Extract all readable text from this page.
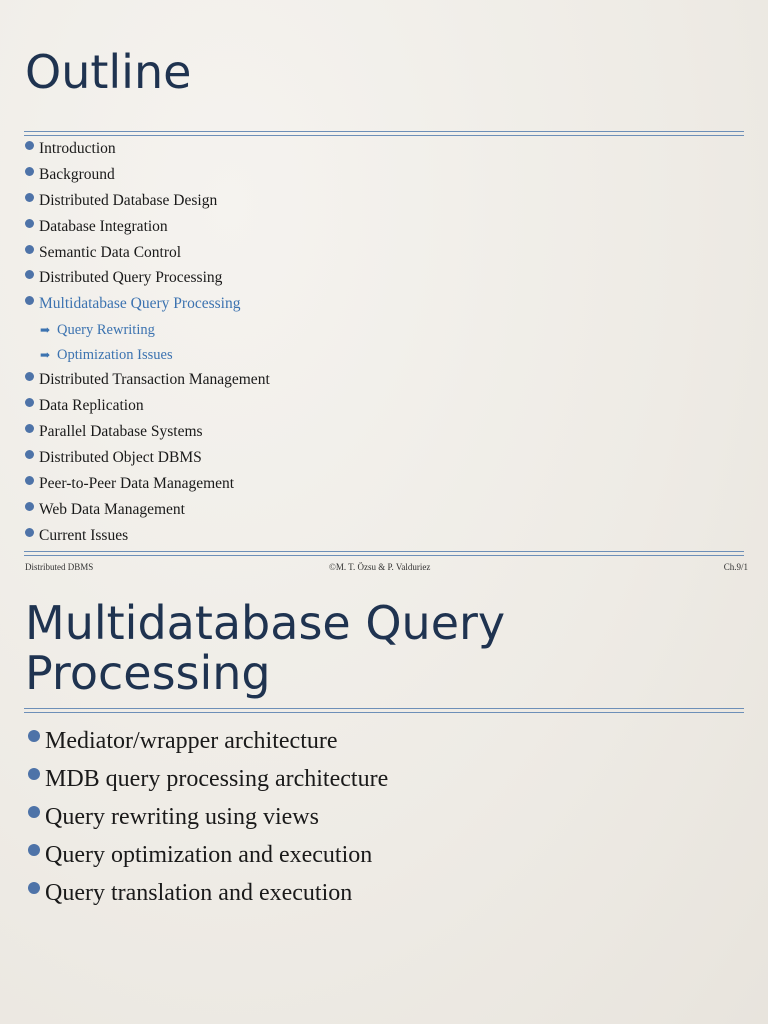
Outline
Introduction
Background
Distributed Database Design
Database Integration
Semantic Data Control
Distributed Query Processing
Multidatabase Query Processing
➡ Query Rewriting
➡ Optimization Issues
Distributed Transaction Management
Data Replication
Parallel Database Systems
Distributed Object DBMS
Peer-to-Peer Data Management
Web Data Management
Current Issues
Distributed DBMS	©M. T. Özsu & P. Valduriez	Ch.9/1
Multidatabase Query Processing
Mediator/wrapper architecture
MDB query processing architecture
Query rewriting using views
Query optimization and execution
Query translation and execution
